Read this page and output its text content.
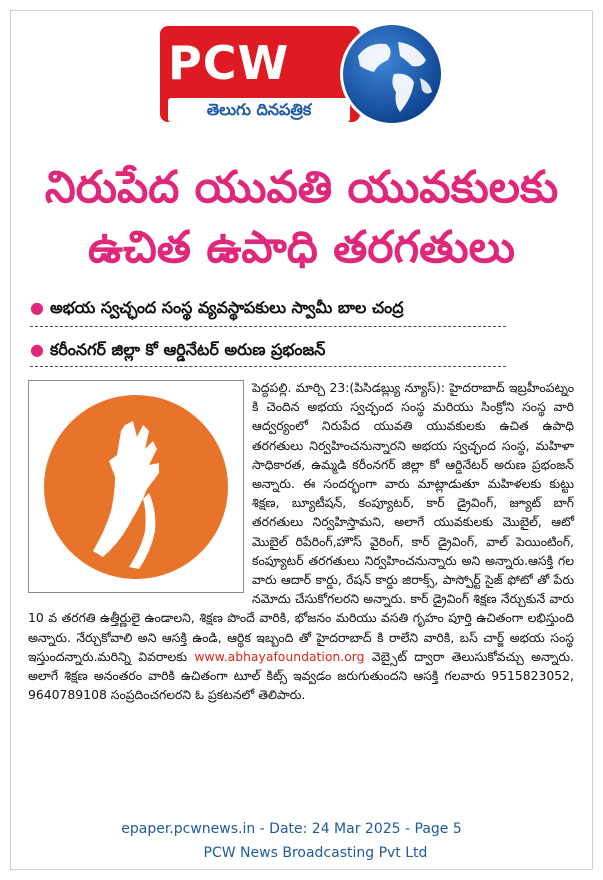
PCW
తెలుగు దినపత్రిక
నిరుపేద యువతి యువకులకు
ఉచిత ఉపాధి తరగతులు
● అభయ స్వచ్ఛంద సంస్థ వ్యవస్థాపకులు స్వామీ బాల చంద్ర
● కరీంనగర్ జిల్లా కో ఆర్డినేటర్ అరుణ ప్రభంజన్
పెద్దపల్లి. మార్చి 23:(పిసిడబ్ల్యు న్యూస్): హైదరాబాద్ ఇబ్రహీంపట్నం కి చెందిన అభయ స్వచ్ఛంద సంస్థ మరియు సింక్రోని సంస్థ వారి ఆద్వర్యంలో నిరుపేద యువతి యువకులకు ఉచిత ఉపాధి తరగతులు నిర్వహించనున్నారని అభయ స్వచ్ఛంద సంస్థ, మహిళా సాధికారత, ఉమ్మడి కరీంనగర్ జిల్లా కో ఆర్డినేటర్ అరుణ ప్రభంజన్ అన్నారు. ఈ సందర్భంగా వారు మాట్లాడుతూ మహిళలకు కుట్టు శిక్షణ, బ్యూటీషన్, కంప్యూటర్, కార్ డ్రైవింగ్, జ్యూట్ బాగ్ తరగతులు నిర్వహిస్తామని, అలాగే యువకులకు మొబైల్, ఆటో మొబైల్ రిపేరింగ్,హౌస్ వైరింగ్, కార్ డ్రైవింగ్, వాల్ పెయింటింగ్, కంప్యూటర్ తరగతులు నిర్వహించనున్నారు అని అన్నారు.ఆసక్తి గల వారు ఆదార్ కార్డు, రేషన్ కార్డు జిరాక్స్, పాస్పోర్ట్ సైజ్ ఫోటో తో పేరు నమోదు చేసుకోగలరని అన్నారు. కార్ డ్రైవింగ్ శిక్షణ నేర్చుకునే వారు 10 వ తరగతి ఉత్తీర్ణులై ఉండాలని, శిక్షణ పొందే వారికి, భోజనం మరియు వసతి గృహం పూర్తి ఉచితంగా లభిస్తుంది అన్నారు. నేర్చుకోవాలి అని ఆసక్తి ఉండి, ఆర్థిక ఇబ్బంది తో హైదరాబాద్ కి రాలేని వారికి, బస్ చార్జ్ అభయ సంస్థ ఇస్తుందన్నారు.మరిన్ని వివరాలకు www.abhayafoundation.org వెబ్సైట్ ద్వారా తెలుసుకోవచ్చు అన్నారు. అలాగే శిక్షణ అనంతరం వారికి ఉచితంగా టూల్ కిట్స్ ఇవ్వడం జరుగుతుందని ఆసక్తి గలవారు 9515823052, 9640789108 సంప్రదించగలరని ఓ ప్రకటనలో తెలిపారు.
epaper.pcwnews.in - Date: 24 Mar 2025 - Page 5
PCW News Broadcasting Pvt Ltd
